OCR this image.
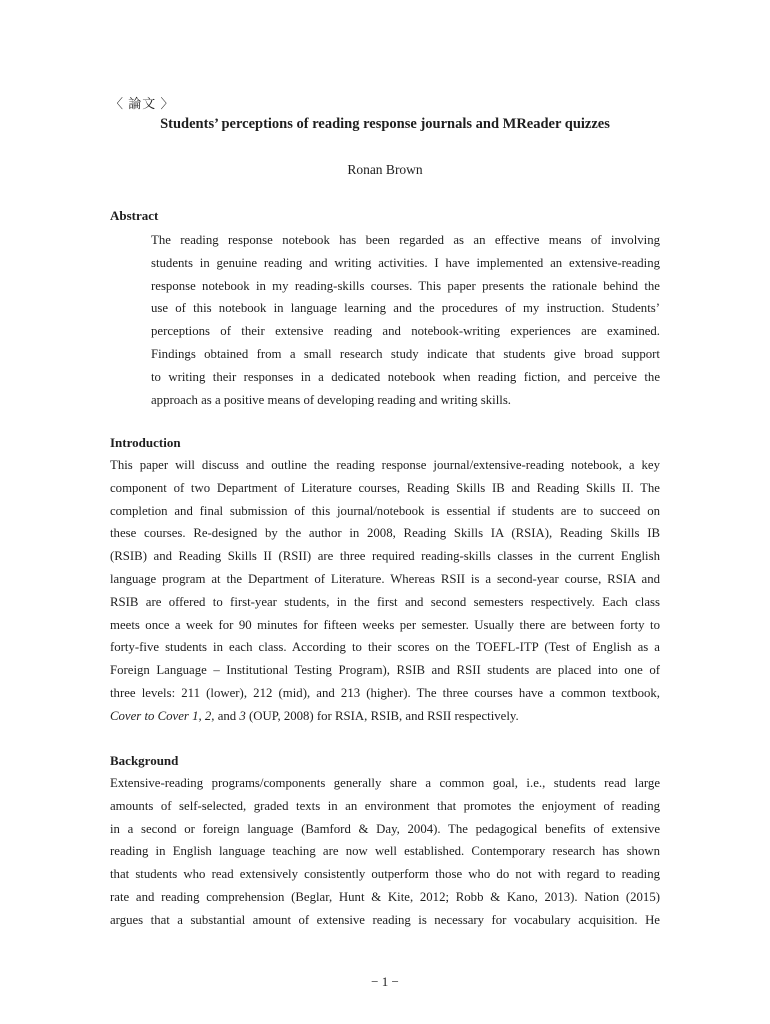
〈 論文 〉
Students’ perceptions of reading response journals and MReader quizzes
Ronan Brown
Abstract
The reading response notebook has been regarded as an effective means of involving
students in genuine reading and writing activities. I have implemented an extensive-reading
response notebook in my reading-skills courses. This paper presents the rationale behind the
use of this notebook in language learning and the procedures of my instruction. Students’
perceptions of their extensive reading and notebook-writing experiences are examined.
Findings obtained from a small research study indicate that students give broad support
to writing their responses in a dedicated notebook when reading fiction, and perceive the
approach as a positive means of developing reading and writing skills.
Introduction
This paper will discuss and outline the reading response journal/extensive-reading notebook, a key
component of two Department of Literature courses, Reading Skills IB and Reading Skills II. The
completion and final submission of this journal/notebook is essential if students are to succeed on
these courses. Re-designed by the author in 2008, Reading Skills IA (RSIA), Reading Skills IB
(RSIB) and Reading Skills II (RSII) are three required reading-skills classes in the current English
language program at the Department of Literature. Whereas RSII is a second-year course, RSIA and
RSIB are offered to first-year students, in the first and second semesters respectively. Each class
meets once a week for 90 minutes for fifteen weeks per semester. Usually there are between forty to
forty-five students in each class. According to their scores on the TOEFL-ITP (Test of English as a
Foreign Language – Institutional Testing Program), RSIB and RSII students are placed into one of
three levels: 211 (lower), 212 (mid), and 213 (higher). The three courses have a common textbook,
Cover to Cover 1, 2, and 3 (OUP, 2008) for RSIA, RSIB, and RSII respectively.
Background
Extensive-reading programs/components generally share a common goal, i.e., students read large
amounts of self-selected, graded texts in an environment that promotes the enjoyment of reading
in a second or foreign language (Bamford & Day, 2004). The pedagogical benefits of extensive
reading in English language teaching are now well established. Contemporary research has shown
that students who read extensively consistently outperform those who do not with regard to reading
rate and reading comprehension (Beglar, Hunt & Kite, 2012; Robb & Kano, 2013). Nation (2015)
argues that a substantial amount of extensive reading is necessary for vocabulary acquisition. He
− 1 −
